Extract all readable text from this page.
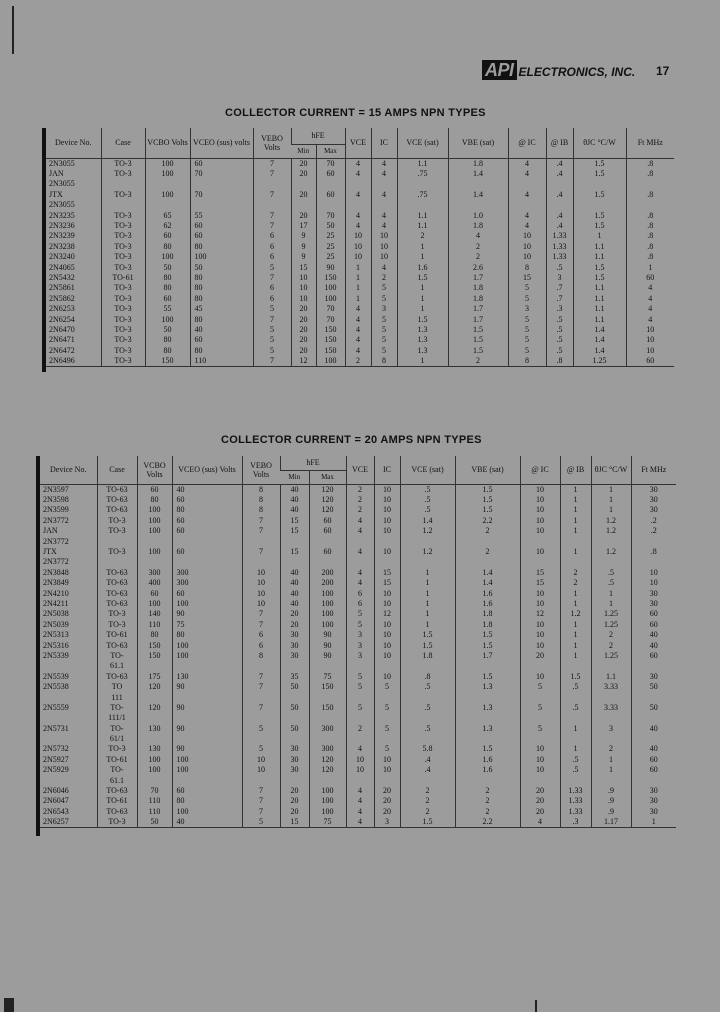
API ELECTRONICS, INC. 17
COLLECTOR CURRENT = 15 AMPS NPN TYPES
Device No.	Case	VCBO Volts	VCEO (sus) volts	VEBO Volts	hFE		VCE	IC	VCE (sat)	VBE (sat)	@ IC	@ IB	θJC °C/W	Ft MHz
					Min	Max								
2N3055	TO-3	100	60	7	20	70	4	4	1.1	1.8	4	.4	1.5	.8
JAN	TO-3	100	70	7	20	60	4	4	.75	1.4	4	.4	1.5	.8
2N3055														
JTX	TO-3	100	70	7	20	60	4	4	.75	1.4	4	.4	1.5	.8
2N3055														
2N3235	TO-3	65	55	7	20	70	4	4	1.1	1.0	4	.4	1.5	.8
2N3236	TO-3	62	60	7	17	50	4	4	1.1	1.8	4	.4	1.5	.8
2N3239	TO-3	60	60	6	9	25	10	10	2	4	10	1.33	1	.8
2N3238	TO-3	80	80	6	9	25	10	10	1	2	10	1.33	1.1	.8
2N3240	TO-3	100	100	6	9	25	10	10	1	2	10	1.33	1.1	.8
2N4065	TO-3	50	50	5	15	90	1	4	1.6	2.6	8	.5	1.5	1
2N5432	TO-61	80	80	7	10	150	1	2	1.5	1.7	15	3	1.5	60
2N5861	TO-3	80	80	6	10	100	1	5	1	1.8	5	.7	1.1	4
2N5862	TO-3	60	80	6	10	100	1	5	1	1.8	5	.7	1.1	4
2N6253	TO-3	55	45	5	20	70	4	3	1	1.7	3	.3	1.1	4
2N6254	TO-3	100	80	7	20	70	4	5	1.5	1.7	5	.5	1.1	4
2N6470	TO-3	50	40	5	20	150	4	5	1.3	1.5	5	.5	1.4	10
2N6471	TO-3	80	60	5	20	150	4	5	1.3	1.5	5	.5	1.4	10
2N6472	TO-3	80	80	5	20	150	4	5	1.3	1.5	5	.5	1.4	10
2N6496	TO-3	150	110	7	12	100	2	8	1	2	8	.8	1.25	60
COLLECTOR CURRENT = 20 AMPS NPN TYPES
Device No.	Case	VCBO Volts	VCEO (sus) Volts	VEBO Volts	hFE		VCE	IC	VCE (sat)	VBE (sat)	@ IC	@ IB	θJC °C/W	Ft MHz
					Min	Max								
2N3597	TO-63	60	40	8	40	120	2	10	.5	1.5	10	1	1	30
2N3598	TO-63	80	60	8	40	120	2	10	.5	1.5	10	1	1	30
2N3599	TO-63	100	80	8	40	120	2	10	.5	1.5	10	1	1	30
2N3772	TO-3	100	60	7	15	60	4	10	1.4	2.2	10	1	1.2	.2
JAN	TO-3	100	60	7	15	60	4	10	1.2	2	10	1	1.2	.2
2N3772														
JTX	TO-3	100	60	7	15	60	4	10	1.2	2	10	1	1.2	.8
2N3772														
2N3848	TO-63	300	300	10	40	200	4	15	1	1.4	15	2	.5	10
2N3849	TO-63	400	300	10	40	200	4	15	1	1.4	15	2	.5	10
2N4210	TO-63	60	60	10	40	100	6	10	1	1.6	10	1	1	30
2N4211	TO-63	100	100	10	40	100	6	10	1	1.6	10	1	1	30
2N5038	TO-3	140	90	7	20	100	5	12	1	1.8	12	1.2	1.25	60
2N5039	TO-3	110	75	7	20	100	5	10	1	1.8	10	1	1.25	60
2N5313	TO-61	80	80	6	30	90	3	10	1.5	1.5	10	1	2	40
2N5316	TO-63	150	100	6	30	90	3	10	1.5	1.5	10	1	2	40
2N5339	TO-	150	100	8	30	90	3	10	1.8	1.7	20	1	1.25	60
	61.1													
2N5539	TO-63	175	130	7	35	75	5	10	.8	1.5	10	1.5	1.1	30
2N5538	TO	120	90	7	50	150	5	5	.5	1.3	5	.5	3.33	50
	111													
2N5559	TO-	120	90	7	50	150	5	5	.5	1.3	5	.5	3.33	50
	111/1													
2N5731	TO-	130	90	5	50	300	2	5	.5	1.3	5	1	3	40
	61/1													
2N5732	TO-3	130	90	5	30	300	4	5	5.8	1.5	10	1	2	40
2N5927	TO-61	100	100	10	30	120	10	10	.4	1.6	10	.5	1	60
2N5929	TO-	100	100	10	30	120	10	10	.4	1.6	10	.5	1	60
	61.1													
2N6046	TO-63	70	60	7	20	100	4	20	2	2	20	1.33	.9	30
2N6047	TO-61	110	80	7	20	100	4	20	2	2	20	1.33	.9	30
2N6543	TO-63	110	100	7	20	100	4	20	2	2	20	1.33	.9	30
2N6257	TO-3	50	40	5	15	75	4	3	1.5	2.2	4	.3	1.17	1
